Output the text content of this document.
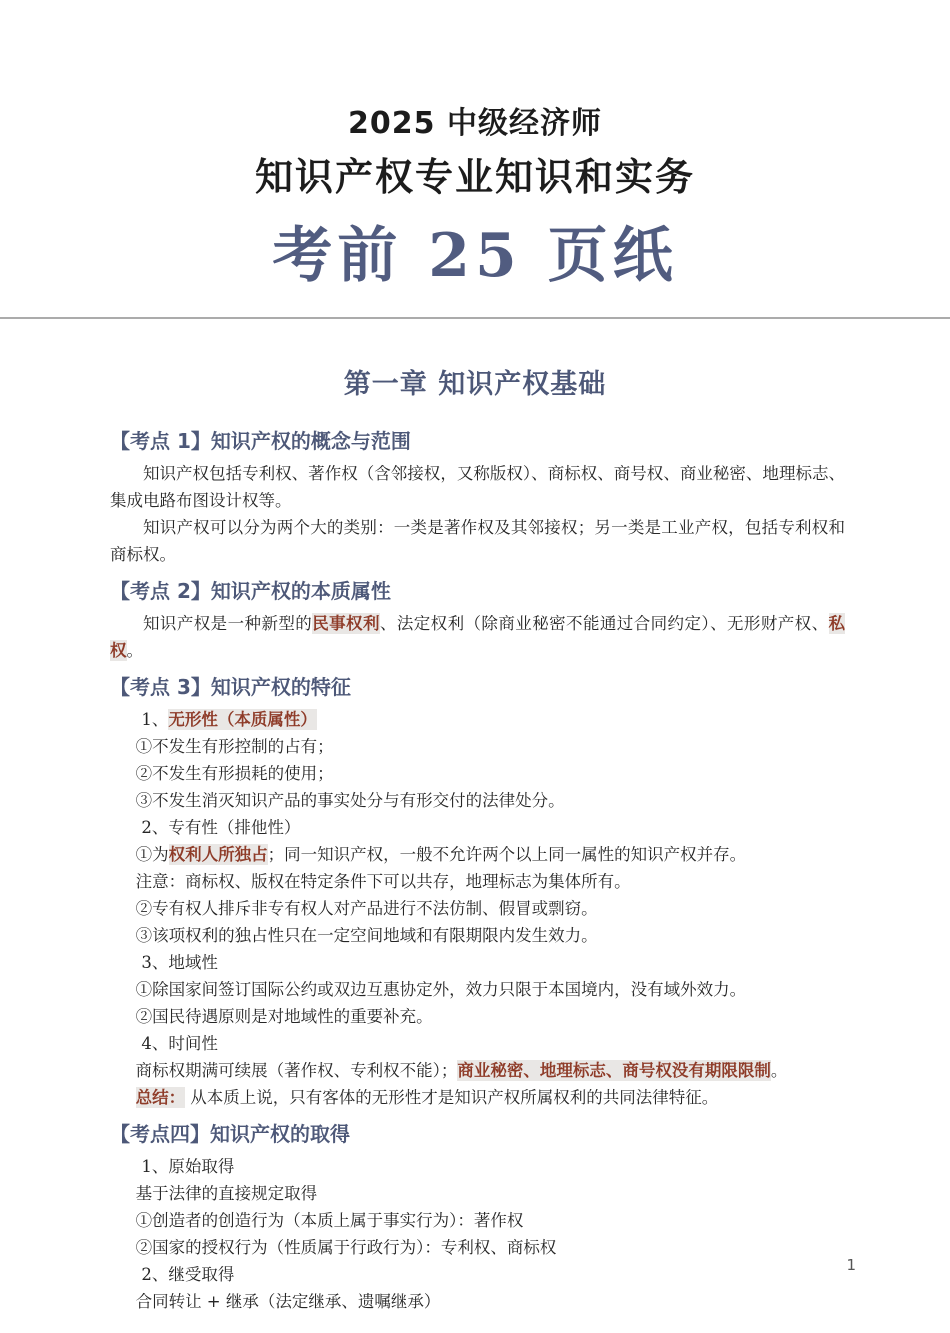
2025 中级经济师
知识产权专业知识和实务
考前 25 页纸
第一章 知识产权基础
【考点 1】知识产权的概念与范围

知识产权包括专利权、著作权（含邻接权，又称版权）、商标权、商号权、商业秘密、地理标志、集成电路布图设计权等。

知识产权可以分为两个大的类别：一类是著作权及其邻接权；另一类是工业产权，包括专利权和商标权。

【考点 2】知识产权的本质属性

知识产权是一种新型的民事权利、法定权利（除商业秘密不能通过合同约定）、无形财产权、私权。

【考点 3】知识产权的特征

1、无形性（本质属性）

①不发生有形控制的占有；

②不发生有形损耗的使用；

③不发生消灭知识产品的事实处分与有形交付的法律处分。

2、专有性（排他性）

①为权利人所独占；同一知识产权，一般不允许两个以上同一属性的知识产权并存。

注意：商标权、版权在特定条件下可以共存，地理标志为集体所有。

②专有权人排斥非专有权人对产品进行不法仿制、假冒或剽窃。

③该项权利的独占性只在一定空间地域和有限期限内发生效力。

3、地域性

①除国家间签订国际公约或双边互惠协定外，效力只限于本国境内，没有域外效力。

②国民待遇原则是对地域性的重要补充。

4、时间性

商标权期满可续展（著作权、专利权不能）；商业秘密、地理标志、商号权没有期限限制。

总结： 从本质上说，只有客体的无形性才是知识产权所属权利的共同法律特征。

【考点四】知识产权的取得

1、原始取得

基于法律的直接规定取得

①创造者的创造行为（本质上属于事实行为）：著作权

②国家的授权行为（性质属于行政行为）：专利权、商标权

2、继受取得

合同转让 + 继承（法定继承、遗嘱继承）

1
